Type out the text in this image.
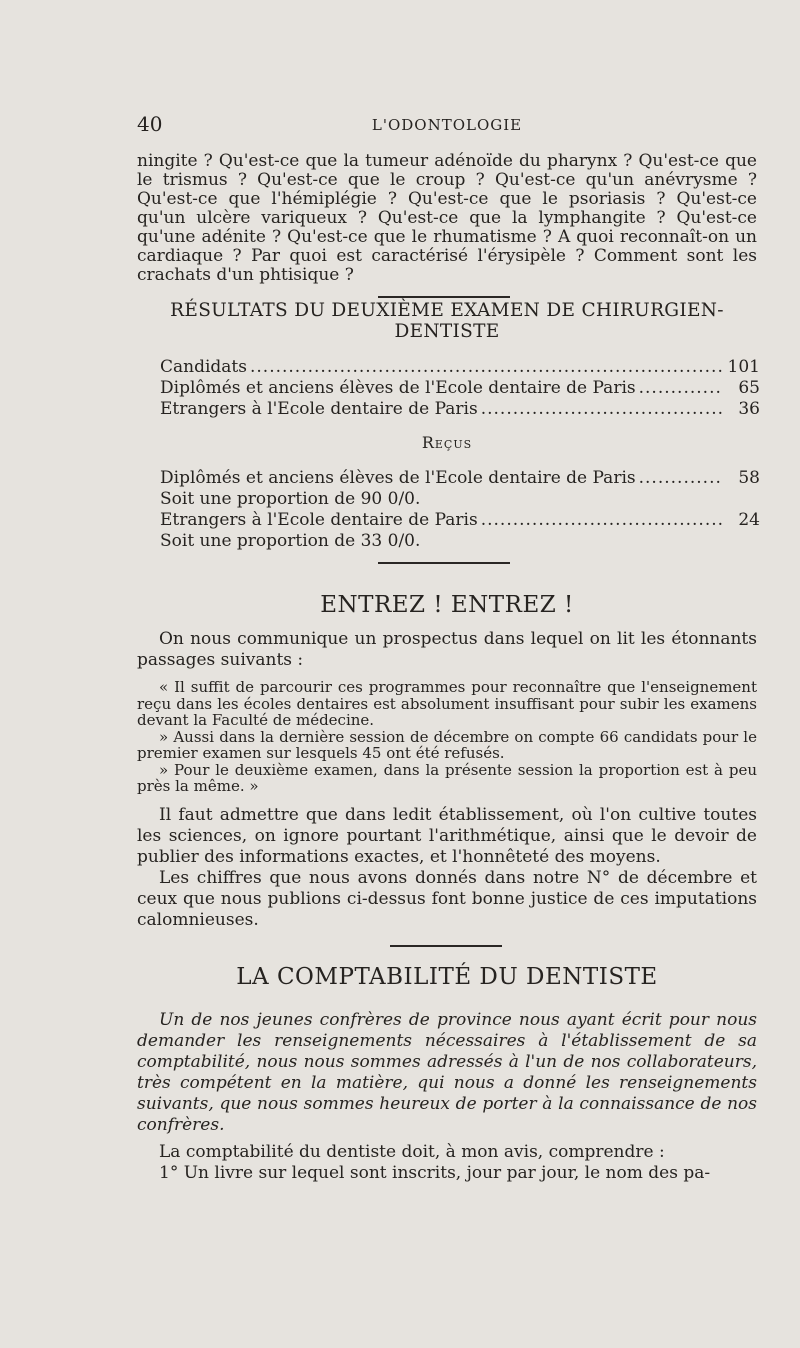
40	L'ODONTOLOGIE

ningite ? Qu'est-ce que la tumeur adénoïde du pharynx ? Qu'est-ce que le trismus ? Qu'est-ce que le croup ? Qu'est-ce qu'un anévrysme ? Qu'est-ce que l'hémiplégie ? Qu'est-ce que le psoriasis ? Qu'est-ce qu'un ulcère variqueux ? Qu'est-ce que la lymphangite ? Qu'est-ce qu'une adénite ? Qu'est-ce que le rhumatisme ? A quoi reconnaît-on un cardiaque ? Par quoi est caractérisé l'érysipèle ? Comment sont les crachats d'un phtisique ?

RÉSULTATS DU DEUXIÈME EXAMEN DE CHIRURGIEN-
DENTISTE
Candidats .....	101
Diplômés et anciens élèves de l'Ecole dentaire de Paris .....	65
Etrangers à l'Ecole dentaire de Paris .....	36
Reçus
Diplômés et anciens élèves de l'Ecole dentaire de Paris .....	58
Soit une proportion de 90 0/0.
Etrangers à l'Ecole dentaire de Paris .....	24
Soit une proportion de 33 0/0.
ENTREZ ! ENTREZ !

On nous communique un prospectus dans lequel on lit les étonnants passages suivants :

« Il suffit de parcourir ces programmes pour reconnaître que l'enseignement reçu dans les écoles dentaires est absolument insuffisant pour subir les examens devant la Faculté de médecine.

» Aussi dans la dernière session de décembre on compte 66 candidats pour le premier examen sur lesquels 45 ont été refusés.

» Pour le deuxième examen, dans la présente session la proportion est à peu près la même. »

Il faut admettre que dans ledit établissement, où l'on cultive toutes les sciences, on ignore pourtant l'arithmétique, ainsi que le devoir de publier des informations exactes, et l'honnêteté des moyens.

Les chiffres que nous avons donnés dans notre N° de décembre et ceux que nous publions ci-dessus font bonne justice de ces imputations calomnieuses.

LA COMPTABILITÉ DU DENTISTE

Un de nos jeunes confrères de province nous ayant écrit pour nous demander les renseignements nécessaires à l'établissement de sa comptabilité, nous nous sommes adressés à l'un de nos collaborateurs, très compétent en la matière, qui nous a donné les renseignements suivants, que nous sommes heureux de porter à la connaissance de nos confrères.

La comptabilité du dentiste doit, à mon avis, comprendre :

1° Un livre sur lequel sont inscrits, jour par jour, le nom des pa-
